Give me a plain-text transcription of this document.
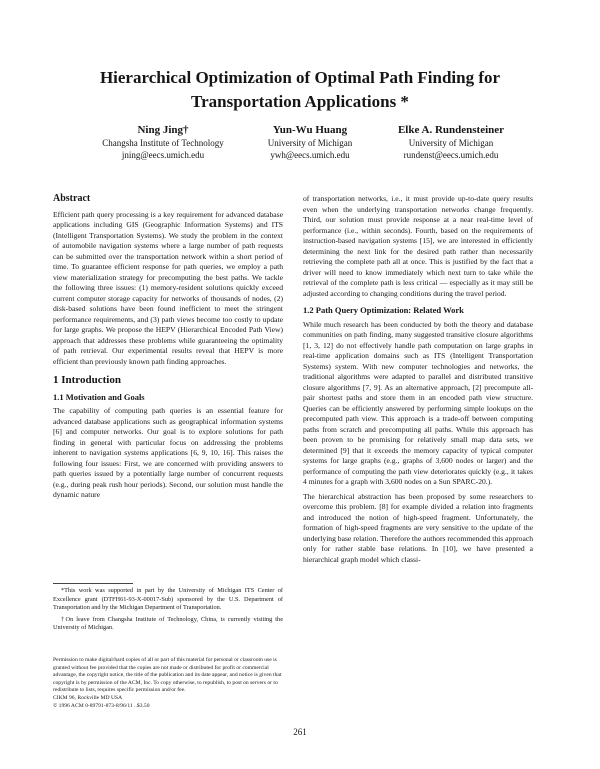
Hierarchical Optimization of Optimal Path Finding for
Transportation Applications *
Ning Jing†
Changsha Institute of Technology
jning@eecs.umich.edu
Yun-Wu Huang
University of Michigan
ywh@eecs.umich.edu
Elke A. Rundensteiner
University of Michigan
rundenst@eecs.umich.edu
Abstract

Efficient path query processing is a key requirement for advanced database applications including GIS (Geographic Information Systems) and ITS (Intelligent Transportation Systems). We study the problem in the context of automobile navigation systems where a large number of path requests can be submitted over the transportation network within a short period of time. To guarantee efficient response for path queries, we employ a path view materialization strategy for precomputing the best paths. We tackle the following three issues: (1) memory-resident solutions quickly exceed current computer storage capacity for networks of thousands of nodes, (2) disk-based solutions have been found inefficient to meet the stringent performance requirements, and (3) path views become too costly to update for large graphs. We propose the HEPV (Hierarchical Encoded Path View) approach that addresses these problems while guaranteeing the optimality of path retrieval. Our experimental results reveal that HEPV is more efficient than previously known path finding approaches.

1 Introduction
1.1 Motivation and Goals

The capability of computing path queries is an essential feature for advanced database applications such as geographical information systems [6] and computer networks. Our goal is to explore solutions for path finding in general with particular focus on addressing the problems inherent to navigation systems applications [6, 9, 10, 16]. This raises the following four issues: First, we are concerned with providing answers to path queries issued by a potentially large number of concurrent requests (e.g., during peak rush hour periods). Second, our solution must handle the dynamic nature

*This work was supported in part by the University of Michigan ITS Center of Excellence grant (DTFH61-93-X-00017-Sub) sponsored by the U.S. Department of Transportation and by the Michigan Department of Transportation.

†On leave from Changsha Institute of Technology, China, is currently visiting the University of Michigan.

Permission to make digital/hard copies of all or part of this material for personal or classroom use is granted without fee provided that the copies are not made or distributed for profit or commercial advantage, the copyright notice, the title of the publication and its date appear, and notice is given that copyright is by permission of the ACM, Inc. To copy otherwise, to republish, to post on servers or to redistribute to lists, requires specific permission and/or fee.

CIKM 96, Rockville MD USA

© 1996 ACM 0-89791-873-8/96/11 ..$3.50

of transportation networks, i.e., it must provide up-to-date query results even when the underlying transportation networks change frequently. Third, our solution must provide response at a near real-time level of performance (i.e., within seconds). Fourth, based on the requirements of instruction-based navigation systems [15], we are interested in efficiently determining the next link for the desired path rather than necessarily retrieving the complete path all at once. This is justified by the fact that a driver will need to know immediately which next turn to take while the retrieval of the complete path is less critical — especially as it may still be adjusted according to changing conditions during the travel period.

1.2 Path Query Optimization: Related Work

While much research has been conducted by both the theory and database communities on path finding, many suggested transitive closure algorithms [1, 3, 12] do not effectively handle path computation on large graphs in real-time application domains such as ITS (Intelligent Transportation Systems) system. With new computer technologies and networks, the traditional algorithms were adapted to parallel and distributed transitive closure algorithms [7, 9]. As an alternative approach, [2] precompute all-pair shortest paths and store them in an encoded path view structure. Queries can be efficiently answered by performing simple lookups on the precomputed path view. This approach is a trade-off between computing paths from scratch and precomputing all paths. While this approach has been proven to be promising for relatively small map data sets, we determined [9] that it exceeds the memory capacity of typical computer systems for large graphs (e.g., graphs of 3,600 nodes or larger) and the performance of computing the path view deteriorates quickly (e.g., it takes 4 minutes for a graph with 3,600 nodes on a Sun SPARC-20.).

The hierarchical abstraction has been proposed by some researchers to overcome this problem. [8] for example divided a relation into fragments and introduced the notion of high-speed fragment. Unfortunately, the formation of high-speed fragments are very sensitive to the update of the underlying base relation. Therefore the authors recommended this approach only for rather stable base relations. In [10], we have presented a hierarchical graph model which classi-

261
